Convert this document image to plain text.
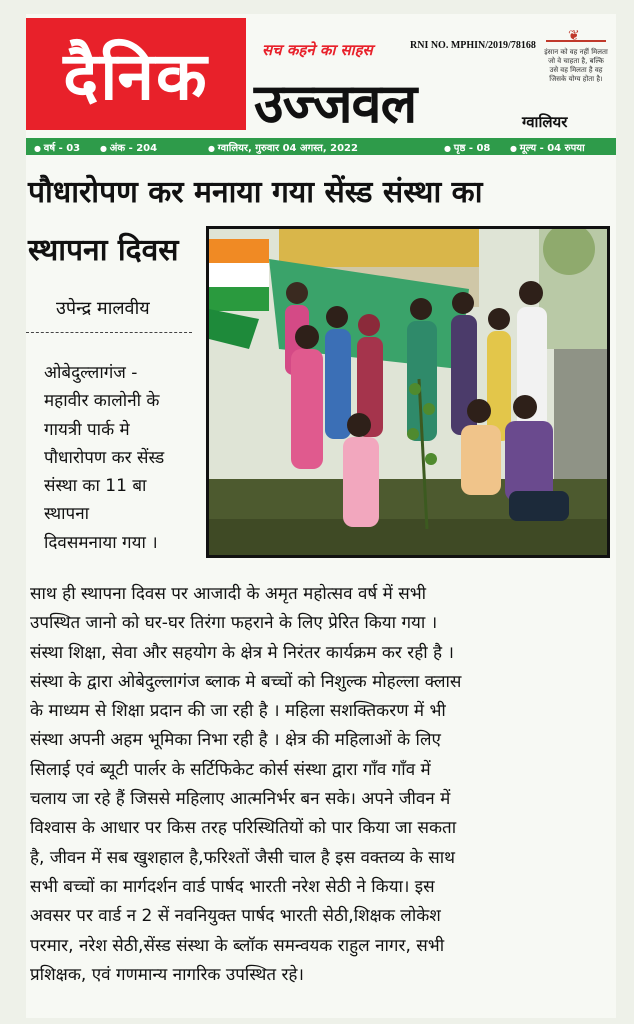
दैनिक	सच कहने का साहस	RNI NO. MPHIN/2019/78168
उज्जवल	ग्वालियर
❦
इंसान को वह नहीं मिलता
जो वे चाहता है, बल्कि
उसे वह मिलता है वह
जिसके योग्य होता है।
● वर्ष - 03	● अंक - 204	● ग्वालियर, गुरुवार 04 अगस्त, 2022	● पृष्ठ - 08	● मूल्य - 04 रुपया
पौधारोपण कर मनाया गया सेंस्ड संस्था का
स्थापना दिवस
उपेन्द्र मालवीय
ओबेदुल्लागंज -
महावीर कालोनी के
गायत्री पार्क मे
पौधारोपण कर सेंस्ड
संस्था का 11 बा
स्थापना
दिवसमनाया गया ।
साथ ही स्थापना दिवस पर आजादी के अमृत महोत्सव वर्ष में सभी
उपस्थित जानो को घर-घर तिरंगा फहराने के लिए प्रेरित किया गया ।
संस्था शिक्षा, सेवा और सहयोग के क्षेत्र मे निरंतर कार्यक्रम कर रही है ।
संस्था के द्वारा ओबेदुल्लागंज ब्लाक मे बच्चों को निशुल्क मोहल्ला क्लास
के माध्यम से शिक्षा प्रदान की जा रही है । महिला सशक्तिकरण में भी
संस्था अपनी अहम भूमिका निभा रही है । क्षेत्र की महिलाओं के लिए
सिलाई एवं ब्यूटी पार्लर के सर्टिफिकेट कोर्स संस्था द्वारा गाँव गाँव में
चलाय जा रहे हैं जिससे महिलाए आत्मनिर्भर बन सके। अपने जीवन में
विश्वास के आधार पर किस तरह परिस्थितियों को पार किया जा सकता
है, जीवन में सब खुशहाल है,फरिश्तों जैसी चाल है इस वक्तव्य के साथ
सभी बच्चों का मार्गदर्शन वार्ड पार्षद भारती नरेश सेठी ने किया। इस
अवसर पर वार्ड न 2 सें नवनियुक्त पार्षद भारती सेठी,शिक्षक लोकेश
परमार, नरेश सेठी,सेंस्ड संस्था के ब्लॉक समन्वयक राहुल नागर, सभी
प्रशिक्षक, एवं गणमान्य नागरिक उपस्थित रहे।
